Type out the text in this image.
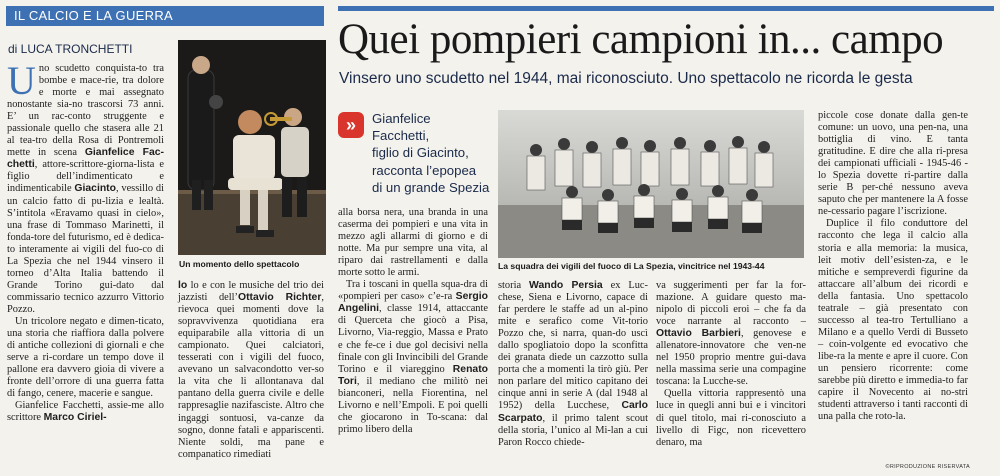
IL CALCIO E LA GUERRA
di LUCA TRONCHETTI

U no scudetto conquista-to tra bombe e mace-rie, tra dolore e morte e mai assegnato nonostante sia-no trascorsi 73 anni. E’ un rac-conto struggente e passionale quello che stasera alle 21 al tea-tro della Rosa di Pontremoli mette in scena Gianfelice Fac-chetti, attore-scrittore-giorna-lista e figlio dell’indimenticato e indimenticabile Giacinto, vessillo di un calcio fatto di pu-lizia e lealtà. S’intitola «Eravamo quasi in cielo», una frase di Tommaso Marinetti, il fonda-tore del futurismo, ed è dedica-to interamente ai vigili del fuo-co di La Spezia che nel 1944 vinsero il torneo d’Alta Italia battendo il Grande Torino gui-dato dal commissario tecnico azzurro Vittorio Pozzo.

Un tricolore negato e dimen-ticato, una storia che riaffiora dalla polvere di antiche collezioni di giornali e che serve a ri-cordare un tempo dove il pallone era davvero gioia di vivere a fronte dell’orrore di una guerra fatta di fango, cenere, macerie e sangue.

Gianfelice Facchetti, assie-me allo scrittore Marco Ciriel-

Un momento dello spettacolo
Quei pompieri campioni in... campo
Vinsero uno scudetto nel 1944, mai riconosciuto. Uno spettacolo ne ricorda le gesta
»	Gianfelice
Facchetti,
figlio di Giacinto,
racconta l’epopea
di un grande Spezia
La squadra dei vigili del fuoco di La Spezia, vincitrice nel 1943-44

lo lo e con le musiche del trio dei jazzisti dell’Ottavio Richter, rievoca quei momenti dove la sopravvivenza quotidiana era equiparabile alla vittoria di un campionato. Quei calciatori, tesserati con i vigili del fuoco, avevano un salvacondotto ver-so la vita che li allontanava dal pantano della guerra civile e delle rappresaglie nazifasciste. Altro che ingaggi sontuosi, va-canze da sogno, donne fatali e appariscenti. Niente soldi, ma pane e companatico rimediati

alla borsa nera, una branda in una caserma dei pompieri e una vita in mezzo agli allarmi di giorno e di notte. Ma pur sempre una vita, al riparo dai rastrellamenti e dalla morte sotto le armi.

Tra i toscani in quella squa-dra di «pompieri per caso» c’e-ra Sergio Angelini, classe 1914, attaccante di Querceta che giocò a Pisa, Livorno, Via-reggio, Massa e Prato e che fe-ce i due gol decisivi nella finale con gli Invincibili del Grande Torino e il viareggino Renato Tori, il mediano che militò nei bianconeri, nella Fiorentina, nel Livorno e nell’Empoli. E poi quelli che giocarono in To-scana: dal primo libero della

storia Wando Persia ex Luc-chese, Siena e Livorno, capace di far perdere le staffe ad un al-pino mite e serafico come Vit-torio Pozzo che, si narra, quan-do uscì dallo spogliatoio dopo la sconfitta dei granata diede un cazzotto sulla porta che a momenti la tirò giù. Per non parlare del mitico capitano dei cinque anni in serie A (dal 1948 al 1952) della Lucchese, Carlo Scarpato, il primo talent scout della storia, l’unico al Mi-lan a cui Paron Rocco chiede-

va suggerimenti per far la for-mazione. A guidare questo ma-nipolo di piccoli eroi – che fa da voce narrante al racconto – Ottavio Barbieri, genovese e allenatore-innovatore che ven-ne nel 1950 proprio mentre gui-dava nella massima serie una compagine toscana: la Lucche-se.

Quella vittoria rappresentò una luce in quegli anni bui e i vincitori di quel titolo, mai ri-conosciuto a livello di Figc, non ricevettero denaro, ma

piccole cose donate dalla gen-te comune: un uovo, una pen-na, una bottiglia di vino. E tanta gratitudine. E dire che alla ri-presa dei campionati ufficiali - 1945-46 - lo Spezia dovette ri-partire dalla serie B per-ché nessuno aveva saputo che per mantenere la A fosse ne-cessario pagare l’iscrizione.

Duplice il filo conduttore del racconto che lega il calcio alla storia e alla memoria: la musica, leit motiv dell’esisten-za, e le mitiche e sempreverdi figurine da attaccare all’album dei ricordi e della fantasia. Uno spettacolo teatrale – già presentato con successo al tea-tro Tertulliano a Milano e a quello Verdi di Busseto – coin-volgente ed evocativo che libe-ra la mente e apre il cuore. Con un pensiero ricorrente: come sarebbe più diretto e immedia-to far capire il Novecento ai no-stri studenti attraverso i tanti racconti di una palla che roto-la.

©RIPRODUZIONE RISERVATA
